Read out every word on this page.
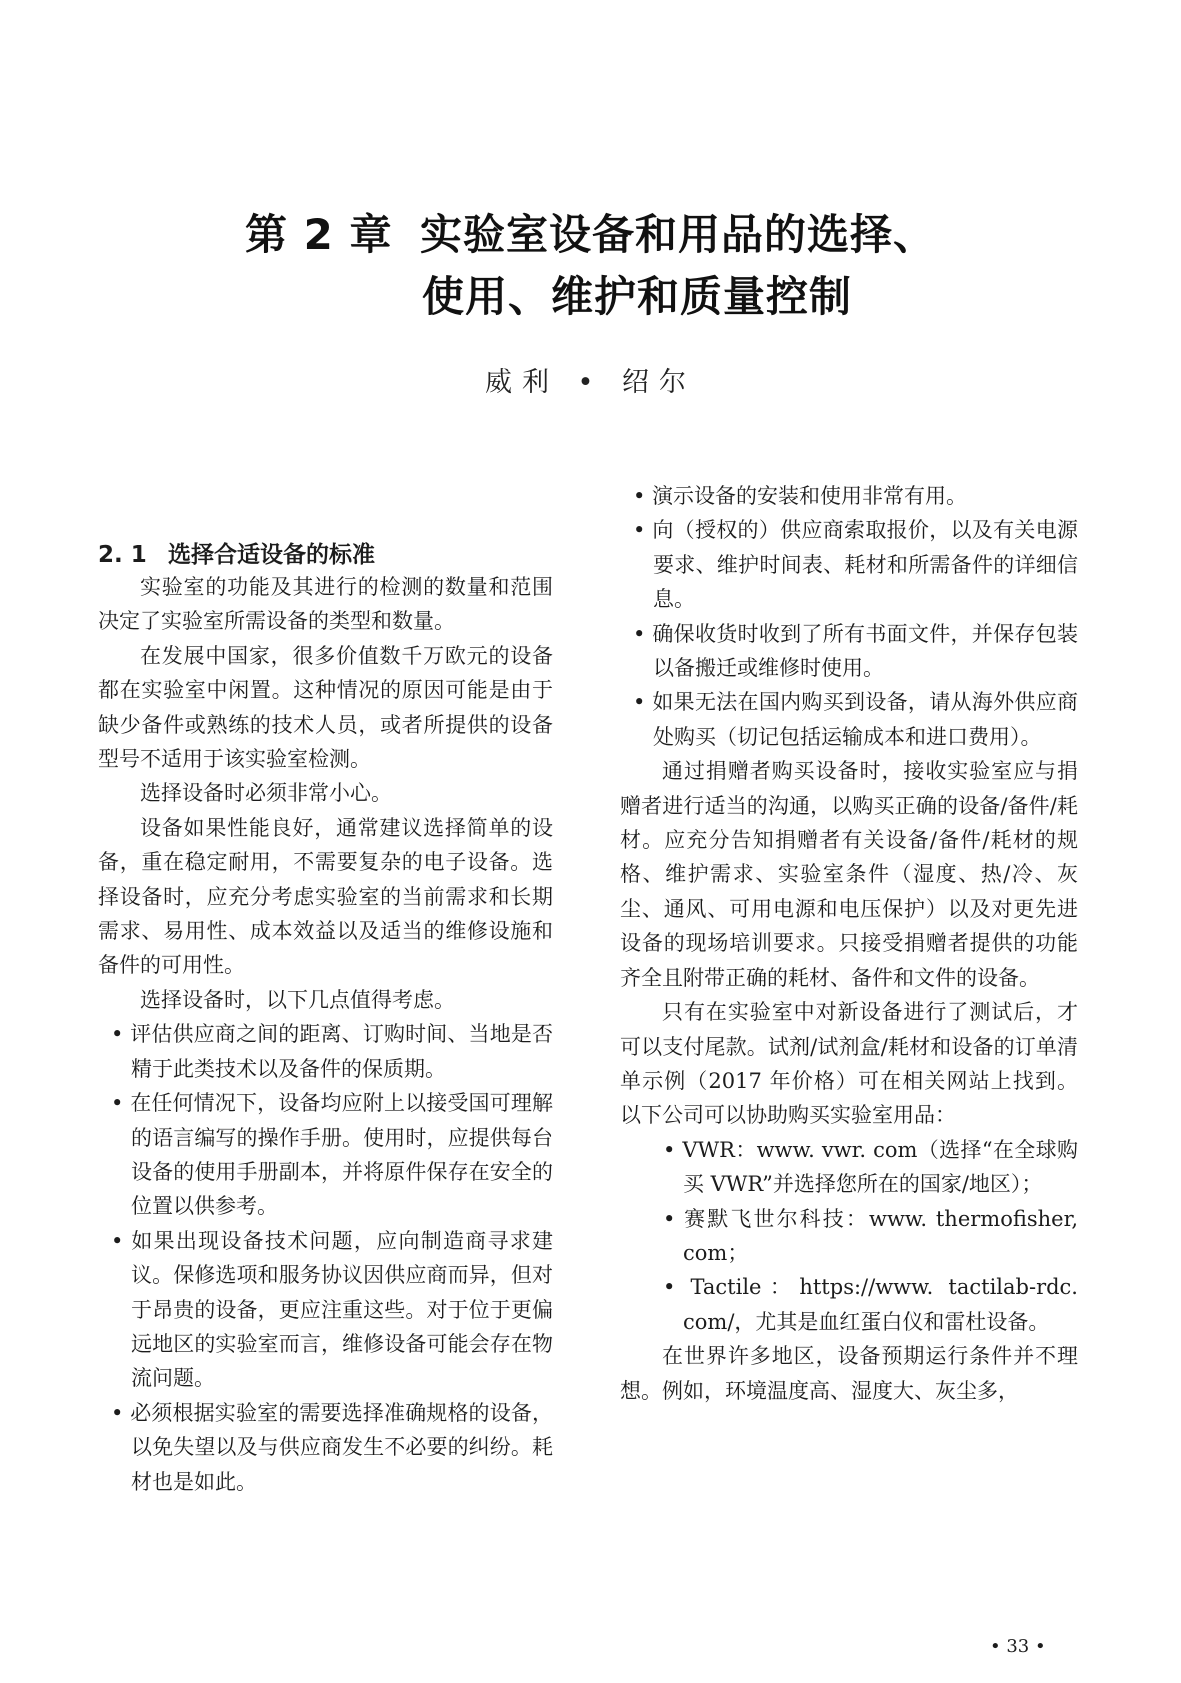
第 2 章 实验室设备和用品的选择、
使用、维护和质量控制
威利 • 绍尔
2. 1 选择合适设备的标准

实验室的功能及其进行的检测的数量和范围决定了实验室所需设备的类型和数量。

在发展中国家，很多价值数千万欧元的设备都在实验室中闲置。这种情况的原因可能是由于缺少备件或熟练的技术人员，或者所提供的设备型号不适用于该实验室检测。

选择设备时必须非常小心。

设备如果性能良好，通常建议选择简单的设备，重在稳定耐用，不需要复杂的电子设备。选择设备时，应充分考虑实验室的当前需求和长期需求、易用性、成本效益以及适当的维修设施和备件的可用性。

选择设备时，以下几点值得考虑。

• 评估供应商之间的距离、订购时间、当地是否精于此类技术以及备件的保质期。

• 在任何情况下，设备均应附上以接受国可理解的语言编写的操作手册。使用时，应提供每台设备的使用手册副本，并将原件保存在安全的位置以供参考。

• 如果出现设备技术问题，应向制造商寻求建议。保修选项和服务协议因供应商而异，但对于昂贵的设备，更应注重这些。对于位于更偏远地区的实验室而言，维修设备可能会存在物流问题。

• 必须根据实验室的需要选择准确规格的设备，以免失望以及与供应商发生不必要的纠纷。耗材也是如此。

• 演示设备的安装和使用非常有用。

• 向（授权的）供应商索取报价，以及有关电源要求、维护时间表、耗材和所需备件的详细信息。

• 确保收货时收到了所有书面文件，并保存包装以备搬迁或维修时使用。

• 如果无法在国内购买到设备，请从海外供应商处购买（切记包括运输成本和进口费用）。

通过捐赠者购买设备时，接收实验室应与捐赠者进行适当的沟通，以购买正确的设备/备件/耗材。应充分告知捐赠者有关设备/备件/耗材的规格、维护需求、实验室条件（湿度、热/冷、灰尘、通风、可用电源和电压保护）以及对更先进设备的现场培训要求。只接受捐赠者提供的功能齐全且附带正确的耗材、备件和文件的设备。

只有在实验室中对新设备进行了测试后，才可以支付尾款。试剂/试剂盒/耗材和设备的订单清单示例（2017 年价格）可在相关网站上找到。以下公司可以协助购买实验室用品：

• VWR：www. vwr. com（选择“在全球购买 VWR”并选择您所在的国家/地区）；

• 赛默飞世尔科技：www. thermofisher, com；

• Tactile：https://www. tactilab-rdc. com/，尤其是血红蛋白仪和雷杜设备。

在世界许多地区，设备预期运行条件并不理想。例如，环境温度高、湿度大、灰尘多，

• 33 •
